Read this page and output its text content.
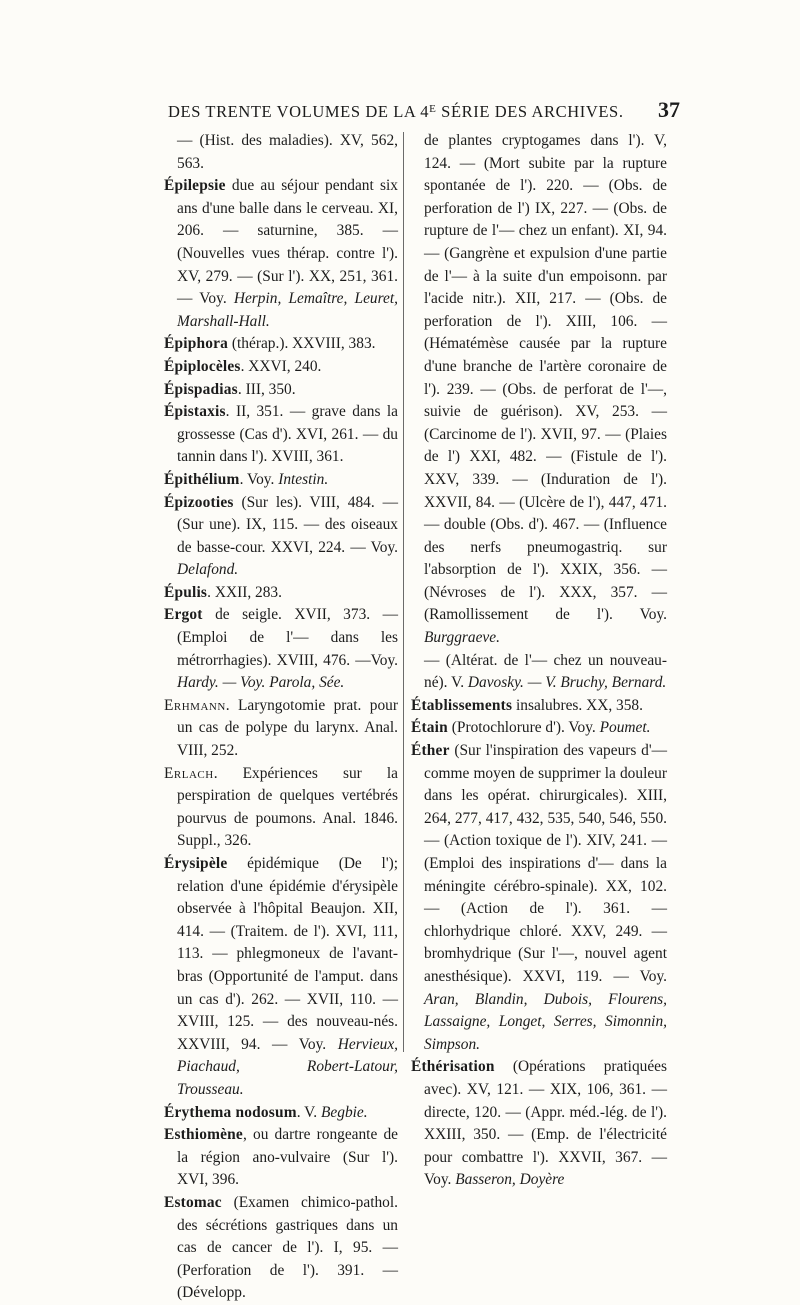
DES TRENTE VOLUMES DE LA $4^E$ SÉRIE DES ARCHIVES. 37

— (Hist. des maladies). XV, 562, 563.

Épilepsie due au séjour pendant six ans d'une balle dans le cerveau. XI, 206. — saturnine, 385. — (Nouvelles vues thérap. contre l'). XV, 279. — (Sur l'). XX, 251, 361. — Voy. Herpin, Lemaître, Leuret, Marshall-Hall.

Épiphora (thérap.). XXVIII, 383.

Épiplocèles. XXVI, 240.

Épispadias. III, 350.

Épistaxis. II, 351. — grave dans la grossesse (Cas d'). XVI, 261. — du tannin dans l'). XVIII, 361.

Épithélium. Voy. Intestin.

Épizooties (Sur les). VIII, 484. — (Sur une). IX, 115. — des oiseaux de basse-cour. XXVI, 224. — Voy. Delafond.

Épulis. XXII, 283.

Ergot de seigle. XVII, 373. — (Emploi de l'— dans les métrorrhagies). XVIII, 476. —Voy. Hardy. — Voy. Parola, Sée.

Erhmann. Laryngotomie prat. pour un cas de polype du larynx. Anal. VIII, 252.

Erlach. Expériences sur la perspiration de quelques vertébrés pourvus de poumons. Anal. 1846. Suppl., 326.

Érysipèle épidémique (De l'); relation d'une épidémie d'érysipèle observée à l'hôpital Beaujon. XII, 414. — (Traitem. de l'). XVI, 111, 113. — phlegmoneux de l'avant-bras (Opportunité de l'amput. dans un cas d'). 262. — XVII, 110. — XVIII, 125. — des nouveau-nés. XXVIII, 94. — Voy. Hervieux, Piachaud, Robert-Latour, Trousseau.

Érythema nodosum. V. Begbie.

Esthiomène, ou dartre rongeante de la région ano-vulvaire (Sur l'). XVI, 396.

Estomac (Examen chimico-pathol. des sécrétions gastriques dans un cas de cancer de l'). I, 95. — (Perforation de l'). 391. — (Développ.

de plantes cryptogames dans l'). V, 124. — (Mort subite par la rupture spontanée de l'). 220. — (Obs. de perforation de l') IX, 227. — (Obs. de rupture de l'— chez un enfant). XI, 94. — (Gangrène et expulsion d'une partie de l'— à la suite d'un empoisonn. par l'acide nitr.). XII, 217. — (Obs. de perforation de l'). XIII, 106. — (Hématémèse causée par la rupture d'une branche de l'artère coronaire de l'). 239. — (Obs. de perforat de l'—, suivie de guérison). XV, 253. — (Carcinome de l'). XVII, 97. — (Plaies de l') XXI, 482. — (Fistule de l'). XXV, 339. — (Induration de l'). XXVII, 84. — (Ulcère de l'), 447, 471. — double (Obs. d'). 467. — (Influence des nerfs pneumogastriq. sur l'absorption de l'). XXIX, 356. — (Névroses de l'). XXX, 357. — (Ramollissement de l'). Voy. Burggraeve.

— (Altérat. de l'— chez un nouveau-né). V. Davosky. — V. Bruchy, Bernard.

Établissements insalubres. XX, 358.

Étain (Protochlorure d'). Voy. Poumet.

Éther (Sur l'inspiration des vapeurs d'— comme moyen de supprimer la douleur dans les opérat. chirurgicales). XIII, 264, 277, 417, 432, 535, 540, 546, 550. — (Action toxique de l'). XIV, 241. — (Emploi des inspirations d'— dans la méningite cérébro-spinale). XX, 102. — (Action de l'). 361. — chlorhydrique chloré. XXV, 249. — bromhydrique (Sur l'—, nouvel agent anesthésique). XXVI, 119. — Voy. Aran, Blandin, Dubois, Flourens, Lassaigne, Longet, Serres, Simonnin, Simpson.

Éthérisation (Opérations pratiquées avec). XV, 121. — XIX, 106, 361. — directe, 120. — (Appr. méd.-lég. de l'). XXIII, 350. — (Emp. de l'électricité pour combattre l'). XXVII, 367. — Voy. Basseron, Doyère
